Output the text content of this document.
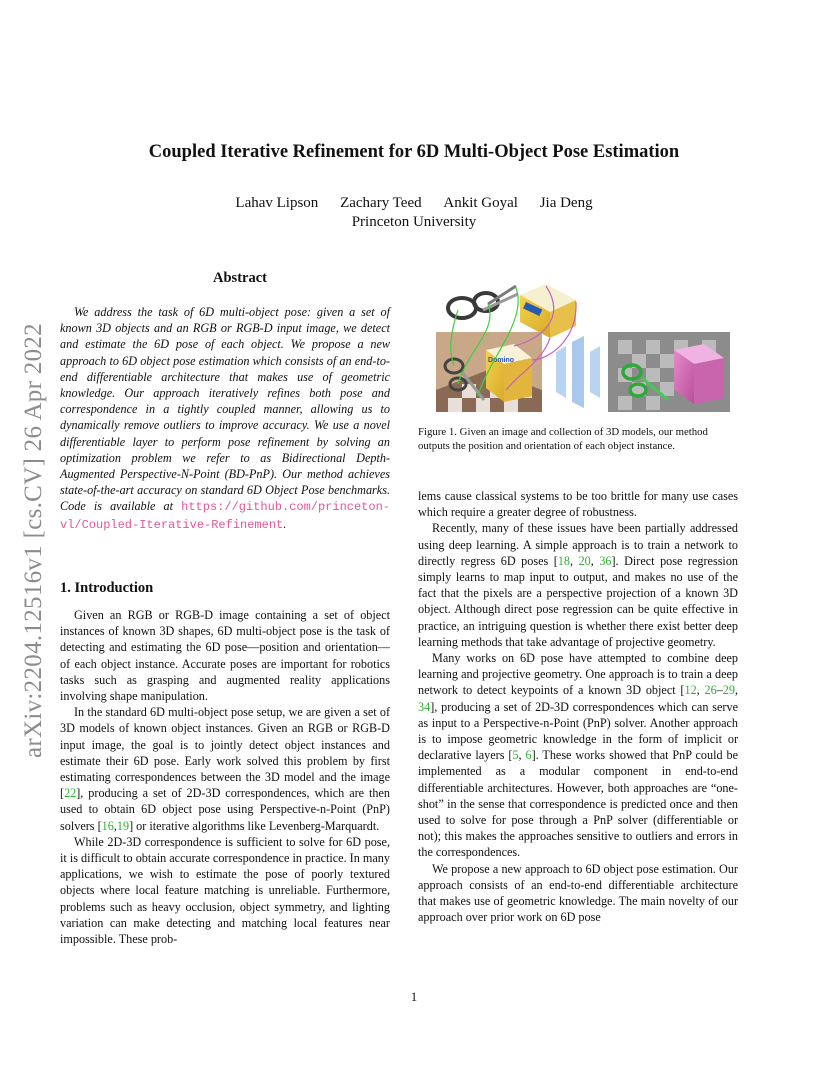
arXiv:2204.12516v1 [cs.CV] 26 Apr 2022
Coupled Iterative Refinement for 6D Multi-Object Pose Estimation
Lahav Lipson Zachary Teed Ankit Goyal Jia Deng
Princeton University
Abstract

We address the task of 6D multi-object pose: given a set of known 3D objects and an RGB or RGB-D input image, we detect and estimate the 6D pose of each object. We propose a new approach to 6D object pose estimation which consists of an end-to-end differentiable architecture that makes use of geometric knowledge. Our approach iteratively refines both pose and correspondence in a tightly coupled manner, allowing us to dynamically remove outliers to improve accuracy. We use a novel differentiable layer to perform pose refinement by solving an optimization problem we refer to as Bidirectional Depth-Augmented Perspective-N-Point (BD-PnP). Our method achieves state-of-the-art accuracy on standard 6D Object Pose benchmarks. Code is available at https://github.com/princeton-vl/Coupled-Iterative-Refinement.

Domino
Figure 1. Given an image and collection of 3D models, our method outputs the position and orientation of each object instance.
1. Introduction

Given an RGB or RGB-D image containing a set of object instances of known 3D shapes, 6D multi-object pose is the task of detecting and estimating the 6D pose—position and orientation—of each object instance. Accurate poses are important for robotics tasks such as grasping and augmented reality applications involving shape manipulation.

In the standard 6D multi-object pose setup, we are given a set of 3D models of known object instances. Given an RGB or RGB-D input image, the goal is to jointly detect object instances and estimate their 6D pose. Early work solved this problem by first estimating correspondences between the 3D model and the image [22], producing a set of 2D-3D correspondences, which are then used to obtain 6D object pose using Perspective-n-Point (PnP) solvers [16,19] or iterative algorithms like Levenberg-Marquardt.

While 2D-3D correspondence is sufficient to solve for 6D pose, it is difficult to obtain accurate correspondence in practice. In many applications, we wish to estimate the pose of poorly textured objects where local feature matching is unreliable. Furthermore, problems such as heavy occlusion, object symmetry, and lighting variation can make detecting and matching local features near impossible. These prob-

lems cause classical systems to be too brittle for many use cases which require a greater degree of robustness.

Recently, many of these issues have been partially addressed using deep learning. A simple approach is to train a network to directly regress 6D poses [18, 20, 36]. Direct pose regression simply learns to map input to output, and makes no use of the fact that the pixels are a perspective projection of a known 3D object. Although direct pose regression can be quite effective in practice, an intriguing question is whether there exist better deep learning methods that take advantage of projective geometry.

Many works on 6D pose have attempted to combine deep learning and projective geometry. One approach is to train a deep network to detect keypoints of a known 3D object [12, 26–29, 34], producing a set of 2D-3D correspondences which can serve as input to a Perspective-n-Point (PnP) solver. Another approach is to impose geometric knowledge in the form of implicit or declarative layers [5, 6]. These works showed that PnP could be implemented as a modular component in end-to-end differentiable architectures. However, both approaches are “one-shot” in the sense that correspondence is predicted once and then used to solve for pose through a PnP solver (differentiable or not); this makes the approaches sensitive to outliers and errors in the correspondences.

We propose a new approach to 6D object pose estimation. Our approach consists of an end-to-end differentiable architecture that makes use of geometric knowledge. The main novelty of our approach over prior work on 6D pose

1
